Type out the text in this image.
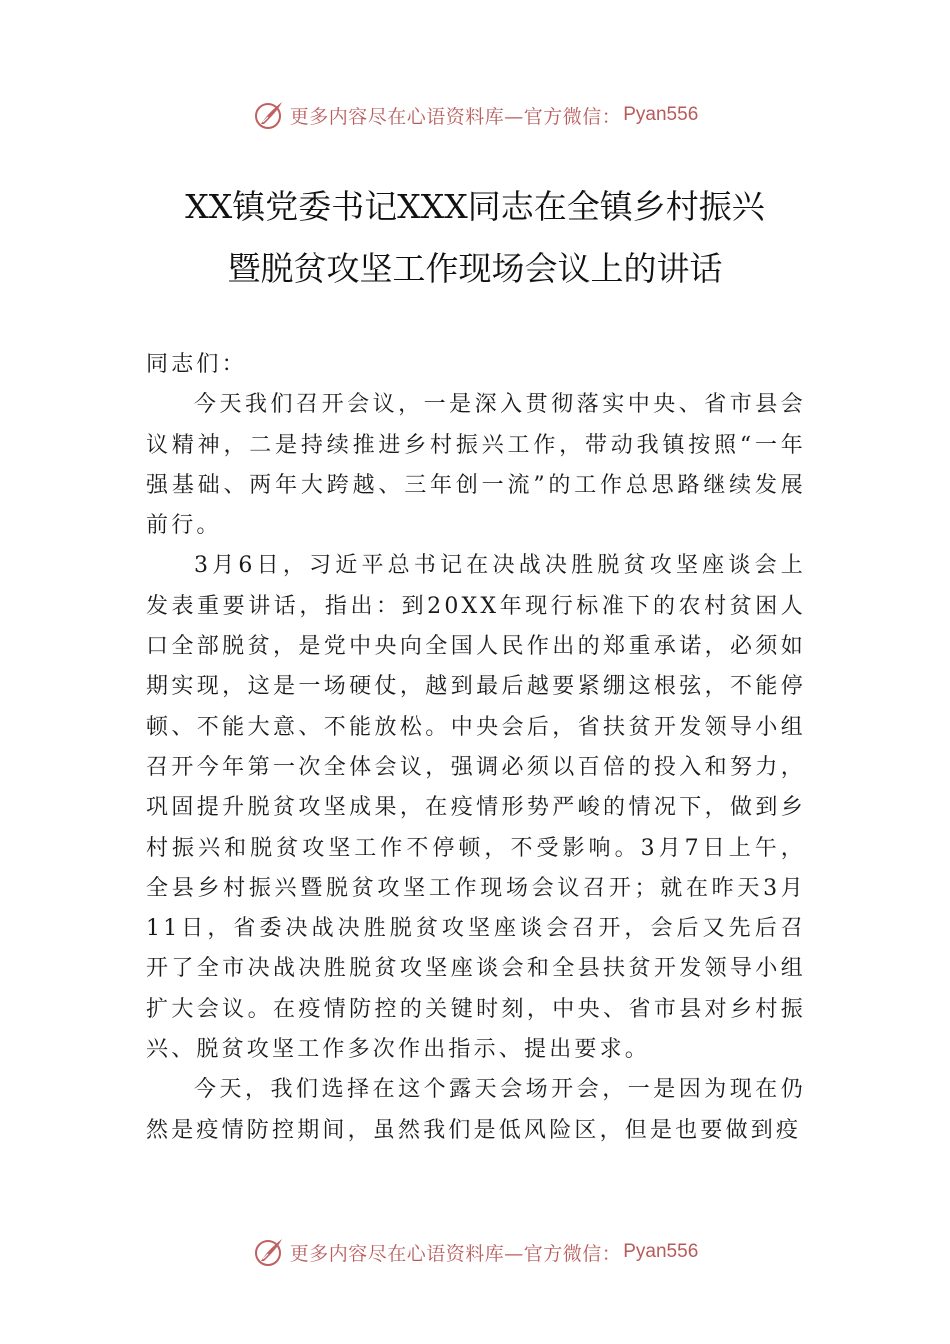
更多内容尽在心语资料库—官方微信： Pyan556
XX镇党委书记XXX同志在全镇乡村振兴
暨脱贫攻坚工作现场会议上的讲话

同志们：

今天我们召开会议，一是深入贯彻落实中央、省市县会议精神，二是持续推进乡村振兴工作，带动我镇按照“一年强基础、两年大跨越、三年创一流”的工作总思路继续发展前行。

3月6日，习近平总书记在决战决胜脱贫攻坚座谈会上发表重要讲话，指出：到20XX年现行标准下的农村贫困人口全部脱贫，是党中央向全国人民作出的郑重承诺，必须如期实现，这是一场硬仗，越到最后越要紧绷这根弦，不能停顿、不能大意、不能放松。中央会后，省扶贫开发领导小组召开今年第一次全体会议，强调必须以百倍的投入和努力，巩固提升脱贫攻坚成果，在疫情形势严峻的情况下，做到乡村振兴和脱贫攻坚工作不停顿，不受影响。3月7日上午，全县乡村振兴暨脱贫攻坚工作现场会议召开；就在昨天3月11日，省委决战决胜脱贫攻坚座谈会召开，会后又先后召开了全市决战决胜脱贫攻坚座谈会和全县扶贫开发领导小组扩大会议。在疫情防控的关键时刻，中央、省市县对乡村振兴、脱贫攻坚工作多次作出指示、提出要求。

今天，我们选择在这个露天会场开会，一是因为现在仍然是疫情防控期间，虽然我们是低风险区，但是也要做到疫

更多内容尽在心语资料库—官方微信： Pyan556
